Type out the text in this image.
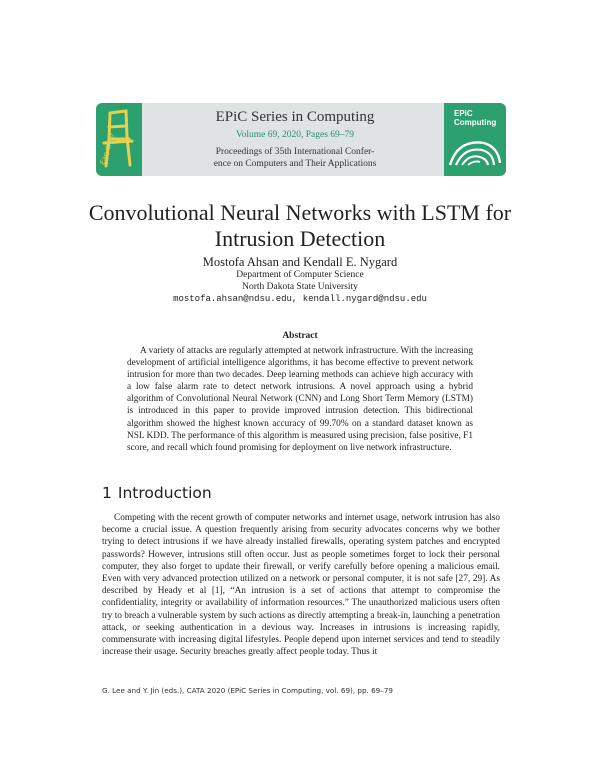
EasyChair
EPiC Series in Computing
Volume 69, 2020, Pages 69–79
Proceedings of 35th International Confer-
ence on Computers and Their Applications
EPiC
Computing
Convolutional Neural Networks with LSTM for
Intrusion Detection
Mostofa Ahsan and Kendall E. Nygard
Department of Computer Science
North Dakota State University
mostofa.ahsan@ndsu.edu, kendall.nygard@ndsu.edu
Abstract

A variety of attacks are regularly attempted at network infrastructure. With the increasing development of artificial intelligence algorithms, it has become effective to prevent network intrusion for more than two decades. Deep learning methods can achieve high accuracy with a low false alarm rate to detect network intrusions. A novel approach using a hybrid algorithm of Convolutional Neural Network (CNN) and Long Short Term Memory (LSTM) is introduced in this paper to provide improved intrusion detection. This bidirectional algorithm showed the highest known accuracy of 99.70% on a standard dataset known as NSL KDD. The performance of this algorithm is measured using precision, false positive, F1 score, and recall which found promising for deployment on live network infrastructure.

1 Introduction

Competing with the recent growth of computer networks and internet usage, network intrusion has also become a crucial issue. A question frequently arising from security advocates concerns why we bother trying to detect intrusions if we have already installed firewalls, operating system patches and encrypted passwords? However, intrusions still often occur. Just as people sometimes forget to lock their personal computer, they also forget to update their firewall, or verify carefully before opening a malicious email. Even with very advanced protection utilized on a network or personal computer, it is not safe [27, 29]. As described by Heady et al [1], “An intrusion is a set of actions that attempt to compromise the confidentiality, integrity or availability of information resources.” The unauthorized malicious users often try to breach a vulnerable system by such actions as directly attempting a break-in, launching a penetration attack, or seeking authentication in a devious way. Increases in intrusions is increasing rapidly, commensurate with increasing digital lifestyles. People depend upon internet services and tend to steadily increase their usage. Security breaches greatly affect people today. Thus it

G. Lee and Y. Jin (eds.), CATA 2020 (EPiC Series in Computing, vol. 69), pp. 69–79
